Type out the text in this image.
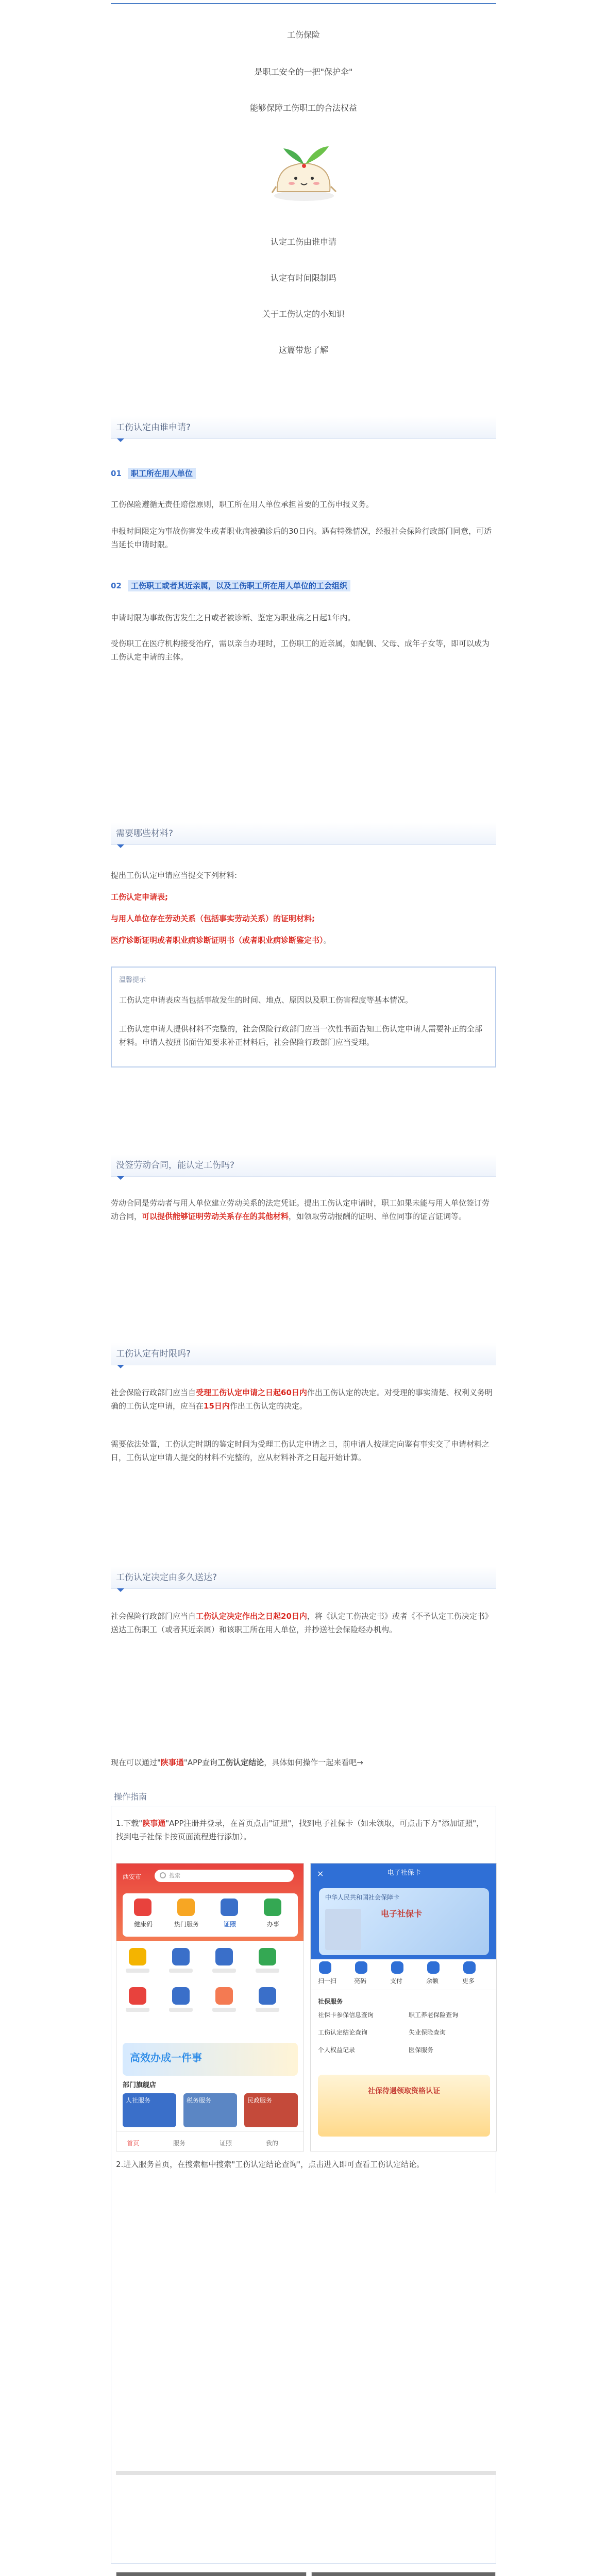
工伤保险
是职工安全的一把"保护伞"
能够保障工伤职工的合法权益
认定工伤由谁申请
认定有时间限制吗
关于工伤认定的小知识
这篇带您了解
工伤认定由谁申请?
01 职工所在用人单位
工伤保险遵循无责任赔偿原则，职工所在用人单位承担首要的工伤申报义务。
申报时间限定为事故伤害发生或者职业病被确诊后的30日内。遇有特殊情况，经报社会保险行政部门同意，可适当延长申请时限。
02 工伤职工或者其近亲属，以及工伤职工所在用人单位的工会组织
申请时限为事故伤害发生之日或者被诊断、鉴定为职业病之日起1年内。
受伤职工在医疗机构接受治疗，需以亲自办理时，工伤职工的近亲属，如配偶、父母、成年子女等，即可以成为工伤认定申请的主体。
需要哪些材料?
提出工伤认定申请应当提交下列材料:
工伤认定申请表;
与用人单位存在劳动关系（包括事实劳动关系）的证明材料;
医疗诊断证明或者职业病诊断证明书（或者职业病诊断鉴定书）。
温馨提示
工伤认定申请表应当包括事故发生的时间、地点、原因以及职工伤害程度等基本情况。
工伤认定申请人提供材料不完整的，社会保险行政部门应当一次性书面告知工伤认定申请人需要补正的全部材料。申请人按照书面告知要求补正材料后，社会保险行政部门应当受理。
没签劳动合同，能认定工伤吗?
劳动合同是劳动者与用人单位建立劳动关系的法定凭证。提出工伤认定申请时，职工如果未能与用人单位签订劳动合同，可以提供能够证明劳动关系存在的其他材料，如领取劳动报酬的证明、单位同事的证言证词等。
工伤认定有时限吗?
社会保险行政部门应当自受理工伤认定申请之日起60日内作出工伤认定的决定。对受理的事实清楚、权利义务明确的工伤认定申请，应当在15日内作出工伤认定的决定。
需要依法处置，工伤认定时期的鉴定时间为受理工伤认定申请之日，前申请人按规定向鉴有事实交了申请材料之日，工伤认定申请人提交的材料不完整的，应从材料补齐之日起开始计算。
工伤认定决定由多久送达?
社会保险行政部门应当自工伤认定决定作出之日起20日内，将《认定工伤决定书》或者《不予认定工伤决定书》送达工伤职工（或者其近亲属）和该职工所在用人单位，并抄送社会保险经办机构。
现在可以通过"陕事通"APP查询工伤认定结论，具体如何操作一起来看吧→
操作指南
1.下载"陕事通"APP注册并登录，在首页点击"证照"，找到电子社保卡（如未领取，可点击下方"添加证照"，找到电子社保卡按页面流程进行添加）。
西安市	搜索
健康码	热门服务	证照	办事
高效办成一件事
部门旗舰店
人社服务	税务服务	民政服务
首页	服务	证照	我的
×	电子社保卡
中华人民共和国社会保障卡
电子社保卡
扫一扫	亮码	支付	余额	更多
社保服务
社保卡参保信息查询	职工养老保险查询
工伤认定结论查询	失业保险查询
个人权益记录	医保服务
社保待遇领取资格认证
2.进入服务首页，在搜索框中搜索"工伤认定结论查询"，点击进入即可查看工伤认定结论。
